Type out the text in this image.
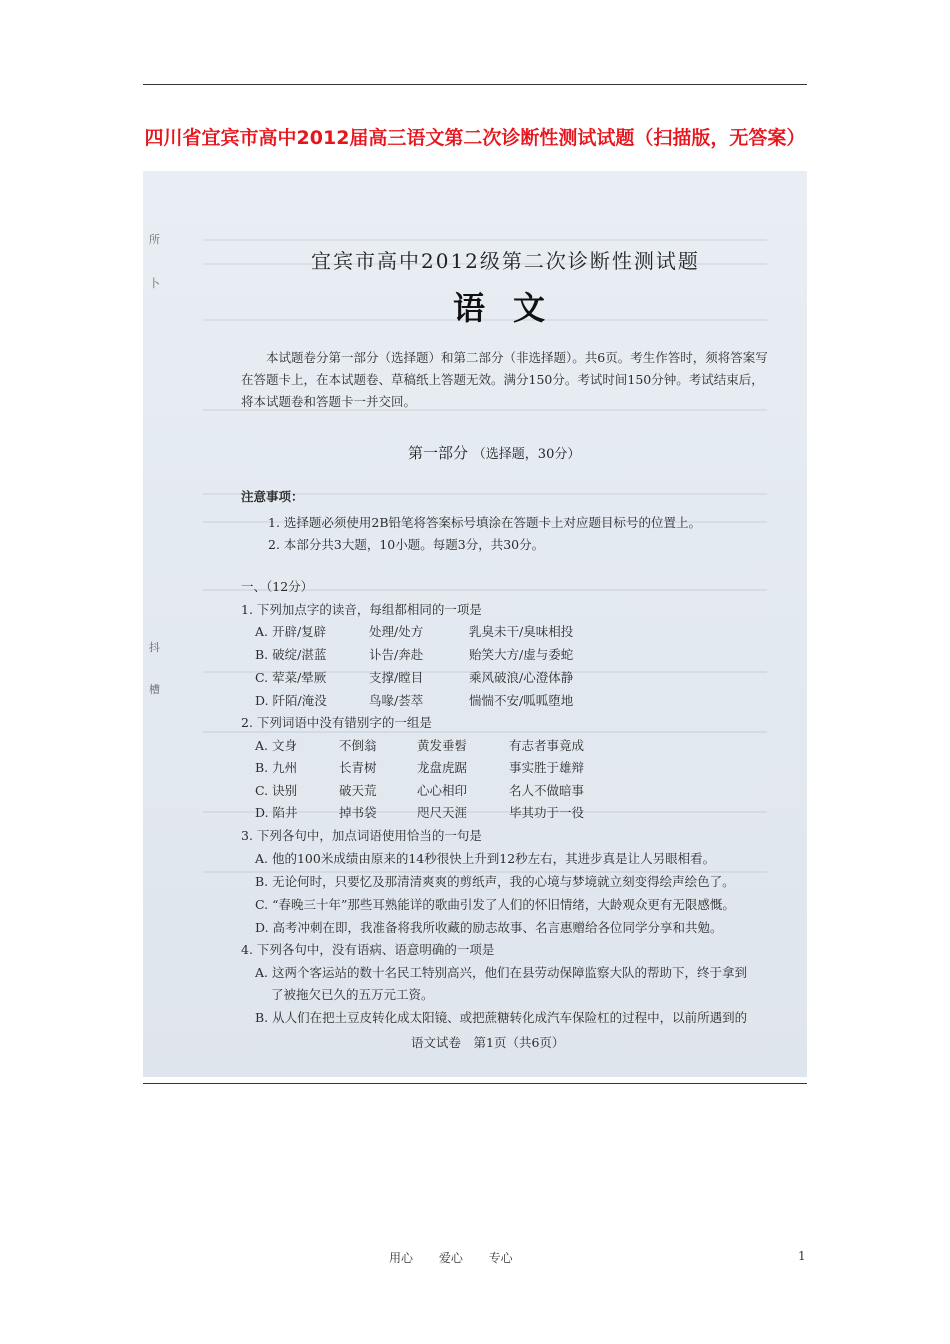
四川省宜宾市高中2012届高三语文第二次诊断性测试试题（扫描版，无答案）
所
卜
抖
槽
宜宾市高中2012级第二次诊断性测试题
语文
本试题卷分第一部分（选择题）和第二部分（非选择题）。共6页。考生作答时，须将答案写在答题卡上，在本试题卷、草稿纸上答题无效。满分150分。考试时间150分钟。考试结束后，将本试题卷和答题卡一并交回。
第一部分 （选择题，30分）
注意事项：
1. 选择题必须使用2B铅笔将答案标号填涂在答题卡上对应题目标号的位置上。
2. 本部分共3大题，10小题。每题3分，共30分。
一、（12分）
1. 下列加点字的读音，每组都相同的一项是
A. 开辟/复辟	处理/处方	乳臭未干/臭味相投
B. 破绽/湛蓝	讣告/奔赴	贻笑大方/虚与委蛇
C. 荤菜/晕厥	支撑/瞠目	乘风破浪/心澄体静
D. 阡陌/淹没	鸟喙/荟萃	惴惴不安/呱呱堕地
2. 下列词语中没有错别字的一组是
A. 文身	不倒翁	黄发垂髫	有志者事竟成
B. 九州	长青树	龙盘虎踞	事实胜于雄辩
C. 诀别	破天荒	心心相印	名人不做暗事
D. 陷井	掉书袋	咫尺天涯	毕其功于一役
3. 下列各句中，加点词语使用恰当的一句是
A. 他的100米成绩由原来的14秒很快上升到12秒左右，其进步真是让人另眼相看。
B. 无论何时，只要忆及那清清爽爽的剪纸声，我的心境与梦境就立刻变得绘声绘色了。
C. “春晚三十年”那些耳熟能详的歌曲引发了人们的怀旧情绪，大龄观众更有无限感慨。
D. 高考冲刺在即，我准备将我所收藏的励志故事、名言惠赠给各位同学分享和共勉。
4. 下列各句中，没有语病、语意明确的一项是
A. 这两个客运站的数十名民工特别高兴，他们在县劳动保障监察大队的帮助下，终于拿到
了被拖欠已久的五万元工资。
B. 从人们在把土豆皮转化成太阳镜、或把蔗糖转化成汽车保险杠的过程中，以前所遇到的
语文试卷　第1页（共6页）
用心 爱心 专心	1
